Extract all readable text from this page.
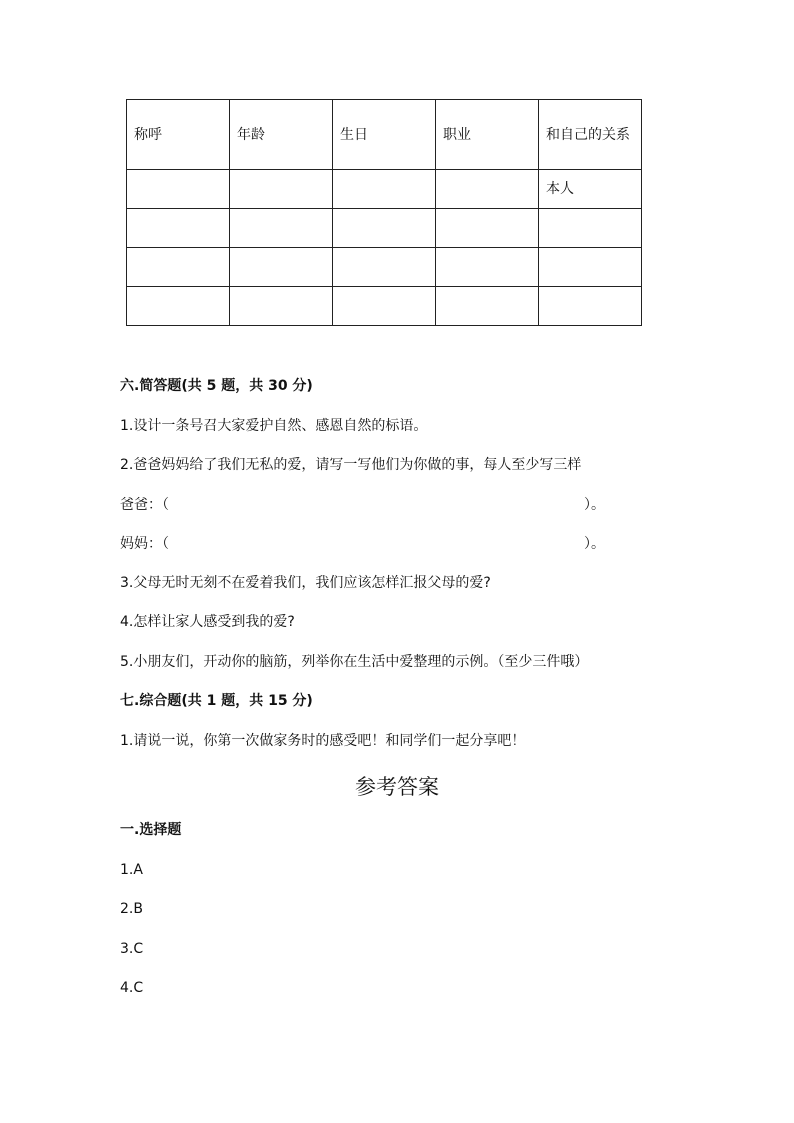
称呼	年龄	生日	职业	和自己的关系
				本人

六.简答题(共 5 题，共 30 分)
1.设计一条号召大家爱护自然、感恩自然的标语。
2.爸爸妈妈给了我们无私的爱，请写一写他们为你做的事，每人至少写三样
爸爸：（	）。
妈妈：（	）。
3.父母无时无刻不在爱着我们，我们应该怎样汇报父母的爱?
4.怎样让家人感受到我的爱?
5.小朋友们，开动你的脑筋，列举你在生活中爱整理的示例。（至少三件哦）
七.综合题(共 1 题，共 15 分)
1.请说一说，你第一次做家务时的感受吧！和同学们一起分享吧！
参考答案
一.选择题
1.A
2.B
3.C
4.C
